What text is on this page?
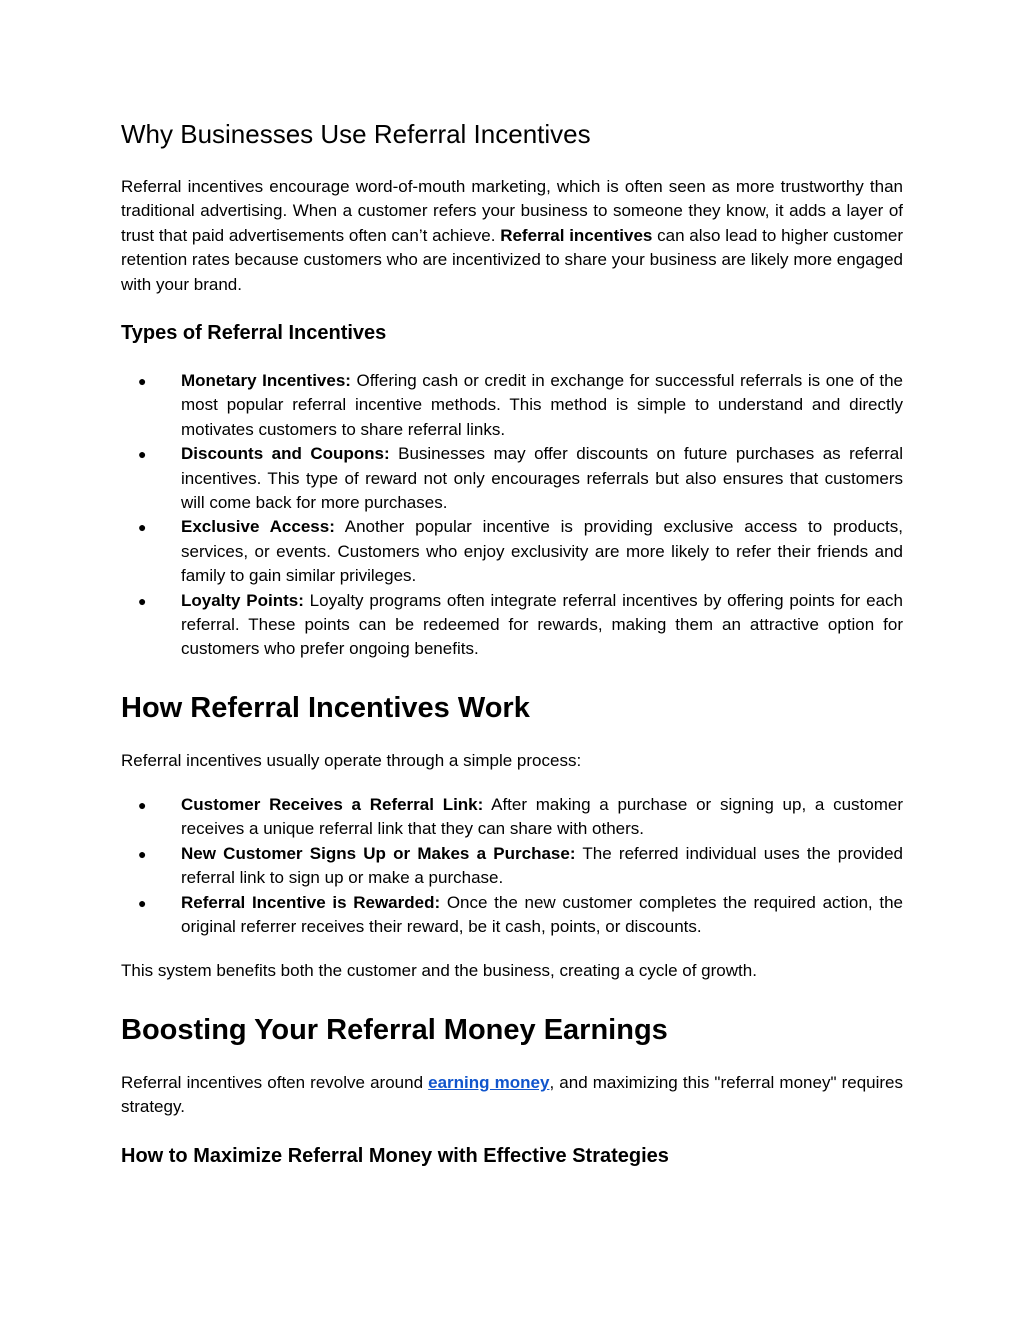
Why Businesses Use Referral Incentives

Referral incentives encourage word-of-mouth marketing, which is often seen as more trustworthy than traditional advertising. When a customer refers your business to someone they know, it adds a layer of trust that paid advertisements often can’t achieve. Referral incentives can also lead to higher customer retention rates because customers who are incentivized to share your business are likely more engaged with your brand.

Types of Referral Incentives
● Monetary Incentives: Offering cash or credit in exchange for successful referrals is one of the most popular referral incentive methods. This method is simple to understand and directly motivates customers to share referral links.
● Discounts and Coupons: Businesses may offer discounts on future purchases as referral incentives. This type of reward not only encourages referrals but also ensures that customers will come back for more purchases.
● Exclusive Access: Another popular incentive is providing exclusive access to products, services, or events. Customers who enjoy exclusivity are more likely to refer their friends and family to gain similar privileges.
● Loyalty Points: Loyalty programs often integrate referral incentives by offering points for each referral. These points can be redeemed for rewards, making them an attractive option for customers who prefer ongoing benefits.
How Referral Incentives Work

Referral incentives usually operate through a simple process:

● Customer Receives a Referral Link: After making a purchase or signing up, a customer receives a unique referral link that they can share with others.
● New Customer Signs Up or Makes a Purchase: The referred individual uses the provided referral link to sign up or make a purchase.
● Referral Incentive is Rewarded: Once the new customer completes the required action, the original referrer receives their reward, be it cash, points, or discounts.

This system benefits both the customer and the business, creating a cycle of growth.

Boosting Your Referral Money Earnings

Referral incentives often revolve around earning money, and maximizing this "referral money" requires strategy.

How to Maximize Referral Money with Effective Strategies
